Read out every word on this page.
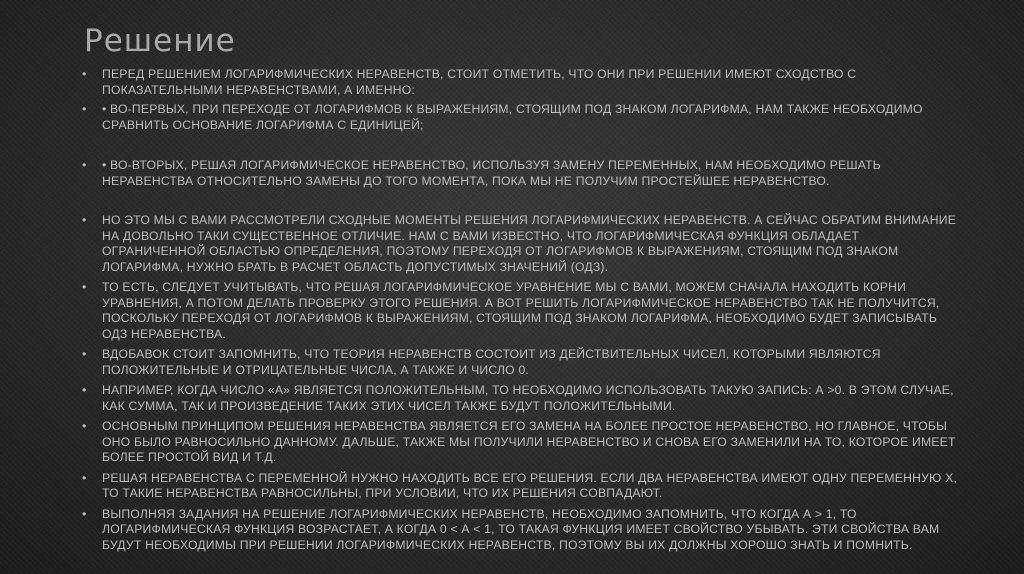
Решение
• ПЕРЕД РЕШЕНИЕМ ЛОГАРИФМИЧЕСКИХ НЕРАВЕНСТВ, СТОИТ ОТМЕТИТЬ, ЧТО ОНИ ПРИ РЕШЕНИИ ИМЕЮТ СХОДСТВО С ПОКАЗАТЕЛЬНЫМИ НЕРАВЕНСТВАМИ, А ИМЕННО:
• • ВО-ПЕРВЫХ, ПРИ ПЕРЕХОДЕ ОТ ЛОГАРИФМОВ К ВЫРАЖЕНИЯМ, СТОЯЩИМ ПОД ЗНАКОМ ЛОГАРИФМА, НАМ ТАКЖЕ НЕОБХОДИМО СРАВНИТЬ ОСНОВАНИЕ ЛОГАРИФМА С ЕДИНИЦЕЙ;
• • ВО-ВТОРЫХ, РЕШАЯ ЛОГАРИФМИЧЕСКОЕ НЕРАВЕНСТВО, ИСПОЛЬЗУЯ ЗАМЕНУ ПЕРЕМЕННЫХ, НАМ НЕОБХОДИМО РЕШАТЬ НЕРАВЕНСТВА ОТНОСИТЕЛЬНО ЗАМЕНЫ ДО ТОГО МОМЕНТА, ПОКА МЫ НЕ ПОЛУЧИМ ПРОСТЕЙШЕЕ НЕРАВЕНСТВО.
• НО ЭТО МЫ С ВАМИ РАССМОТРЕЛИ СХОДНЫЕ МОМЕНТЫ РЕШЕНИЯ ЛОГАРИФМИЧЕСКИХ НЕРАВЕНСТВ. А СЕЙЧАС ОБРАТИМ ВНИМАНИЕ НА ДОВОЛЬНО ТАКИ СУЩЕСТВЕННОЕ ОТЛИЧИЕ. НАМ С ВАМИ ИЗВЕСТНО, ЧТО ЛОГАРИФМИЧЕСКАЯ ФУНКЦИЯ ОБЛАДАЕТ ОГРАНИЧЕННОЙ ОБЛАСТЬЮ ОПРЕДЕЛЕНИЯ, ПОЭТОМУ ПЕРЕХОДЯ ОТ ЛОГАРИФМОВ К ВЫРАЖЕНИЯМ, СТОЯЩИМ ПОД ЗНАКОМ ЛОГАРИФМА, НУЖНО БРАТЬ В РАСЧЕТ ОБЛАСТЬ ДОПУСТИМЫХ ЗНАЧЕНИЙ (ОДЗ).
• ТО ЕСТЬ, СЛЕДУЕТ УЧИТЫВАТЬ, ЧТО РЕШАЯ ЛОГАРИФМИЧЕСКОЕ УРАВНЕНИЕ МЫ С ВАМИ, МОЖЕМ СНАЧАЛА НАХОДИТЬ КОРНИ УРАВНЕНИЯ, А ПОТОМ ДЕЛАТЬ ПРОВЕРКУ ЭТОГО РЕШЕНИЯ. А ВОТ РЕШИТЬ ЛОГАРИФМИЧЕСКОЕ НЕРАВЕНСТВО ТАК НЕ ПОЛУЧИТСЯ, ПОСКОЛЬКУ ПЕРЕХОДЯ ОТ ЛОГАРИФМОВ К ВЫРАЖЕНИЯМ, СТОЯЩИМ ПОД ЗНАКОМ ЛОГАРИФМА, НЕОБХОДИМО БУДЕТ ЗАПИСЫВАТЬ ОДЗ НЕРАВЕНСТВА.
• ВДОБАВОК СТОИТ ЗАПОМНИТЬ, ЧТО ТЕОРИЯ НЕРАВЕНСТВ СОСТОИТ ИЗ ДЕЙСТВИТЕЛЬНЫХ ЧИСЕЛ, КОТОРЫМИ ЯВЛЯЮТСЯ ПОЛОЖИТЕЛЬНЫЕ И ОТРИЦАТЕЛЬНЫЕ ЧИСЛА, А ТАКЖЕ И ЧИСЛО 0.
• НАПРИМЕР, КОГДА ЧИСЛО «А» ЯВЛЯЕТСЯ ПОЛОЖИТЕЛЬНЫМ, ТО НЕОБХОДИМО ИСПОЛЬЗОВАТЬ ТАКУЮ ЗАПИСЬ: А >0. В ЭТОМ СЛУЧАЕ, КАК СУММА, ТАК И ПРОИЗВЕДЕНИЕ ТАКИХ ЭТИХ ЧИСЕЛ ТАКЖЕ БУДУТ ПОЛОЖИТЕЛЬНЫМИ.
• ОСНОВНЫМ ПРИНЦИПОМ РЕШЕНИЯ НЕРАВЕНСТВА ЯВЛЯЕТСЯ ЕГО ЗАМЕНА НА БОЛЕЕ ПРОСТОЕ НЕРАВЕНСТВО, НО ГЛАВНОЕ, ЧТОБЫ ОНО БЫЛО РАВНОСИЛЬНО ДАННОМУ. ДАЛЬШЕ, ТАКЖЕ МЫ ПОЛУЧИЛИ НЕРАВЕНСТВО И СНОВА ЕГО ЗАМЕНИЛИ НА ТО, КОТОРОЕ ИМЕЕТ БОЛЕЕ ПРОСТОЙ ВИД И Т.Д.
• РЕШАЯ НЕРАВЕНСТВА С ПЕРЕМЕННОЙ НУЖНО НАХОДИТЬ ВСЕ ЕГО РЕШЕНИЯ. ЕСЛИ ДВА НЕРАВЕНСТВА ИМЕЮТ ОДНУ ПЕРЕМЕННУЮ Х, ТО ТАКИЕ НЕРАВЕНСТВА РАВНОСИЛЬНЫ, ПРИ УСЛОВИИ, ЧТО ИХ РЕШЕНИЯ СОВПАДАЮТ.
• ВЫПОЛНЯЯ ЗАДАНИЯ НА РЕШЕНИЕ ЛОГАРИФМИЧЕСКИХ НЕРАВЕНСТВ, НЕОБХОДИМО ЗАПОМНИТЬ, ЧТО КОГДА А > 1, ТО ЛОГАРИФМИЧЕСКАЯ ФУНКЦИЯ ВОЗРАСТАЕТ, А КОГДА 0 < А < 1, ТО ТАКАЯ ФУНКЦИЯ ИМЕЕТ СВОЙСТВО УБЫВАТЬ. ЭТИ СВОЙСТВА ВАМ БУДУТ НЕОБХОДИМЫ ПРИ РЕШЕНИИ ЛОГАРИФМИЧЕСКИХ НЕРАВЕНСТВ, ПОЭТОМУ ВЫ ИХ ДОЛЖНЫ ХОРОШО ЗНАТЬ И ПОМНИТЬ.
